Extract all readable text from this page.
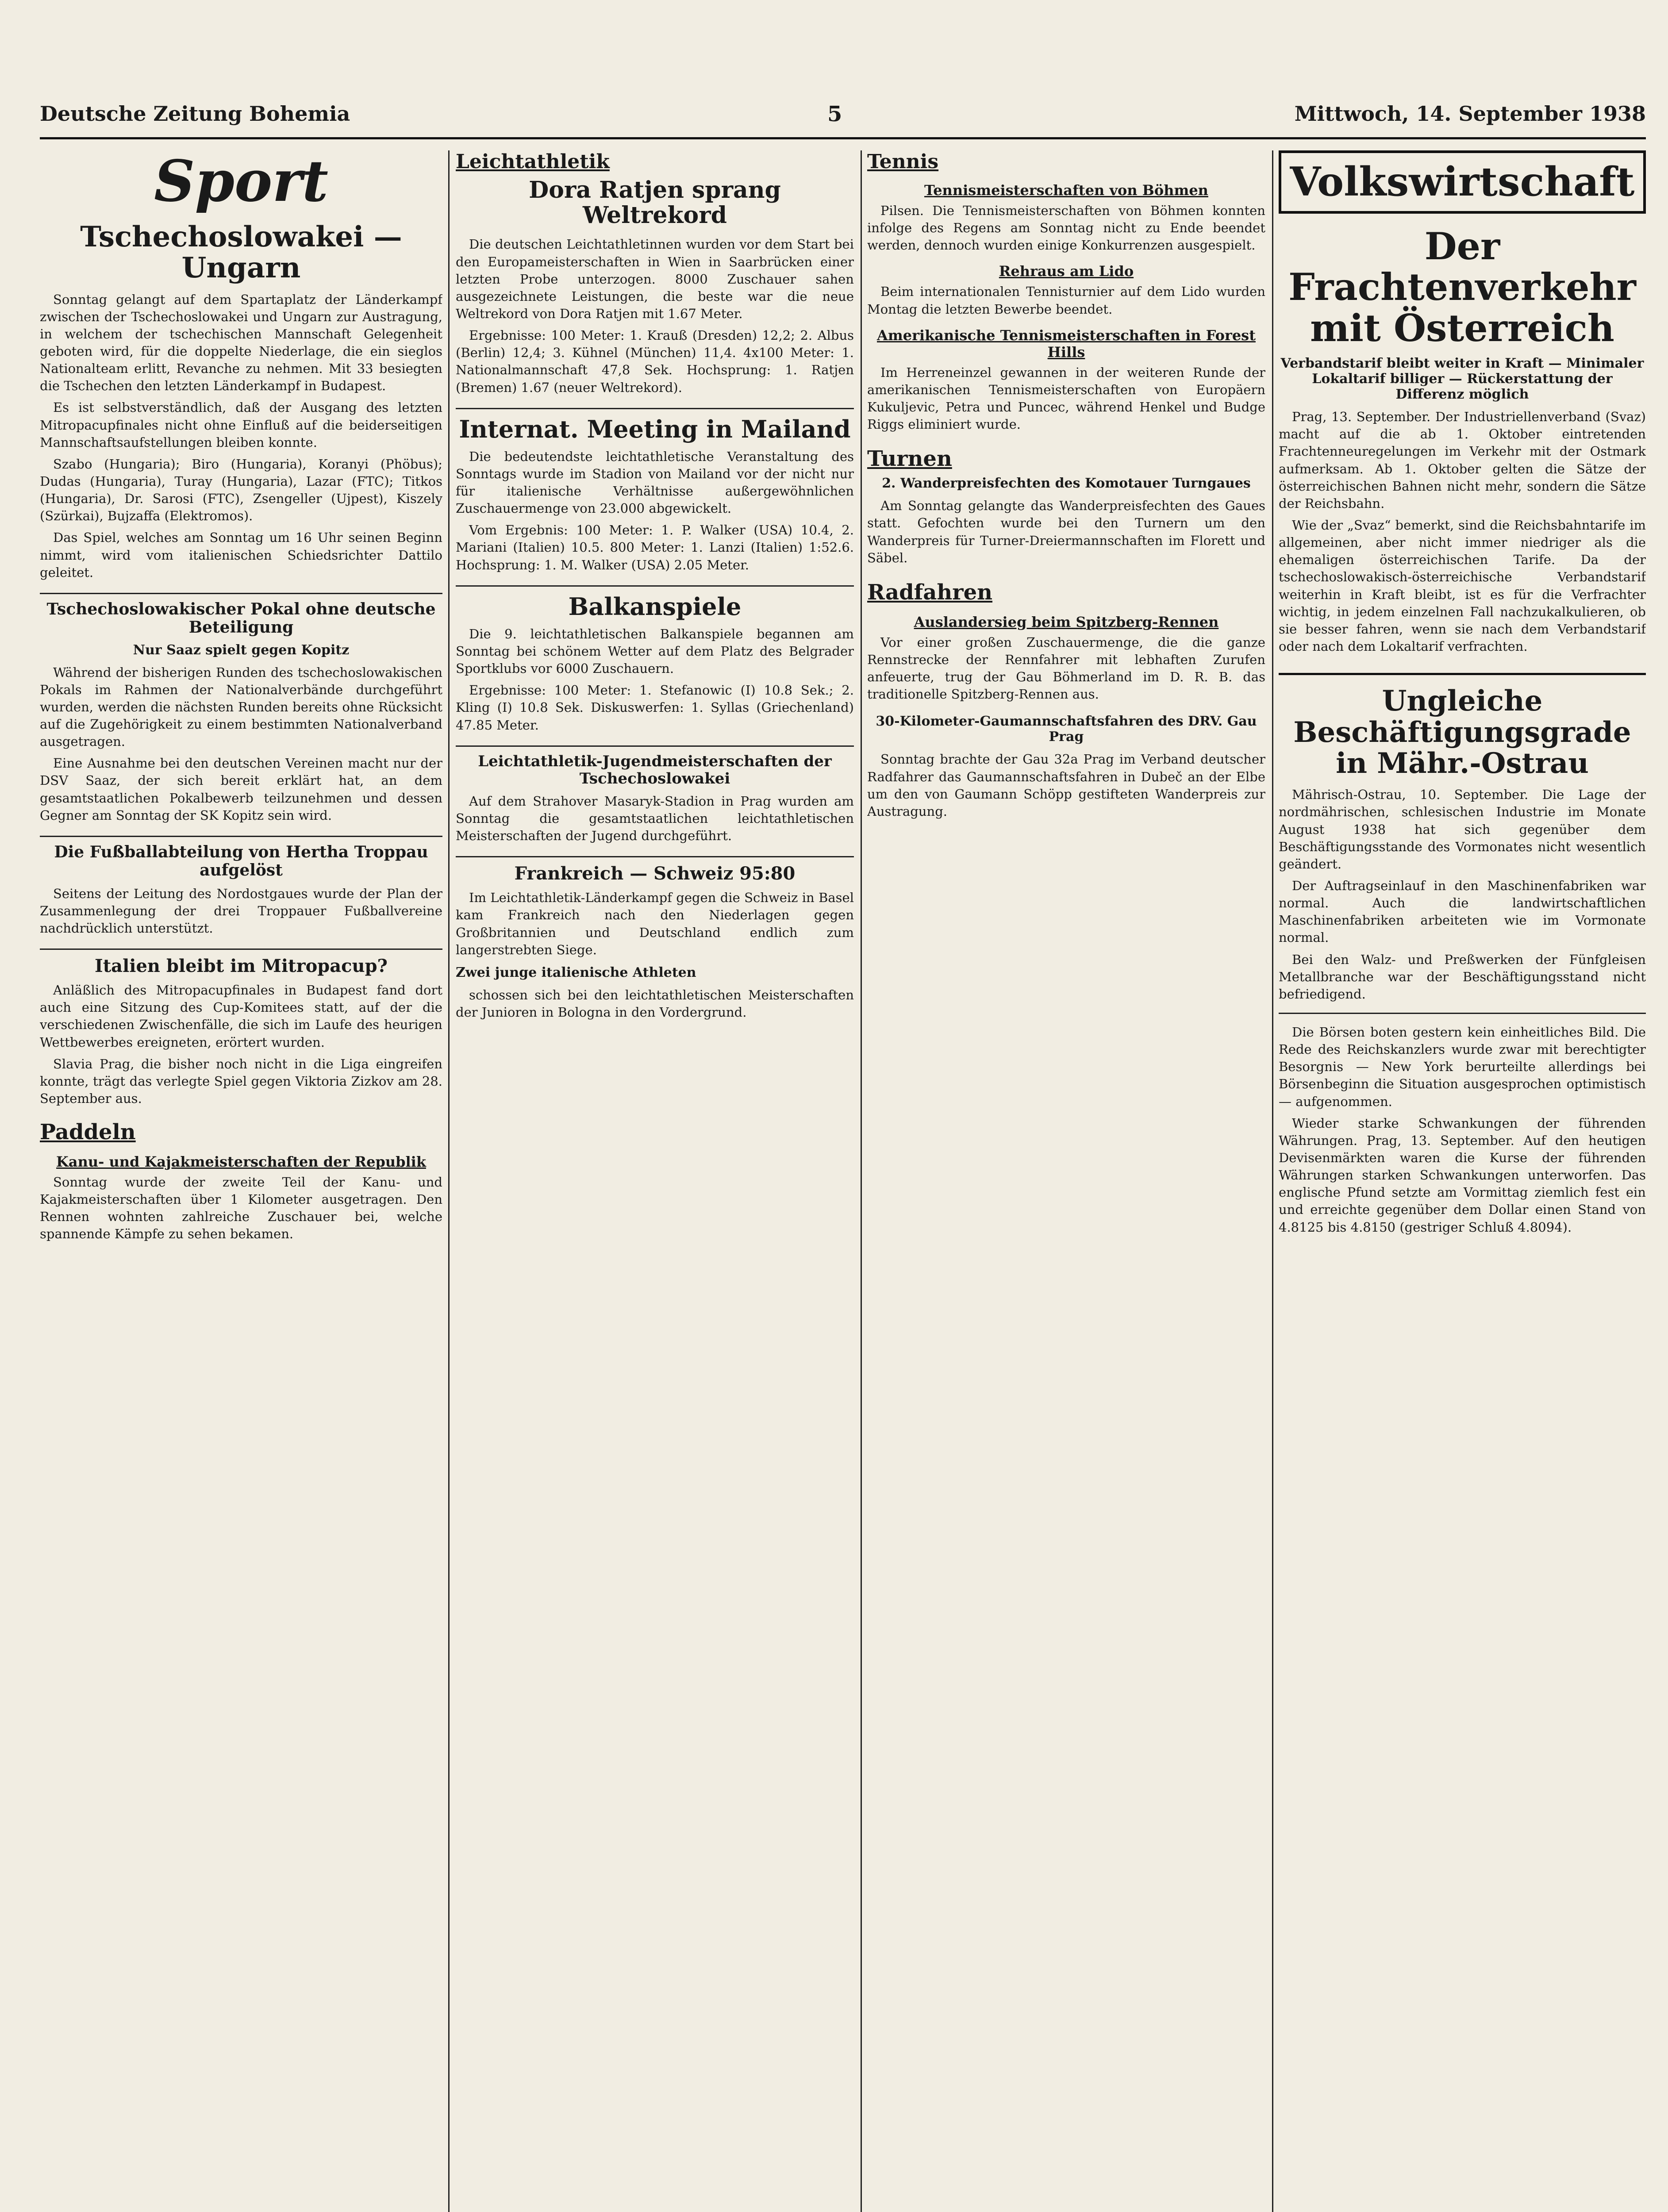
Deutsche Zeitung Bohemia	5	Mittwoch, 14. September 1938
Sport
Tschechoslowakei — Ungarn

Sonntag gelangt auf dem Spartaplatz der Länderkampf zwischen der Tschechoslowakei und Ungarn zur Austragung, in welchem der tschechischen Mannschaft Gelegenheit geboten wird, für die doppelte Niederlage, die ein sieglos Nationalteam erlitt, Revanche zu nehmen. Mit 33 besiegten die Tschechen den letzten Länderkampf in Budapest.

Es ist selbstverständlich, daß der Ausgang des letzten Mitropacupfinales nicht ohne Einfluß auf die beiderseitigen Mannschaftsaufstellungen bleiben konnte.

Szabo (Hungaria); Biro (Hungaria), Koranyi (Phöbus); Dudas (Hungaria), Turay (Hungaria), Lazar (FTC); Titkos (Hungaria), Dr. Sarosi (FTC), Zsengeller (Ujpest), Kiszely (Szürkai), Bujzaffa (Elektromos).

Das Spiel, welches am Sonntag um 16 Uhr seinen Beginn nimmt, wird vom italienischen Schiedsrichter Dattilo geleitet.

Tschechoslowakischer Pokal ohne deutsche Beteiligung
Nur Saaz spielt gegen Kopitz

Während der bisherigen Runden des tschechoslowakischen Pokals im Rahmen der Nationalverbände durchgeführt wurden, werden die nächsten Runden bereits ohne Rücksicht auf die Zugehörigkeit zu einem bestimmten Nationalverband ausgetragen.

Eine Ausnahme bei den deutschen Vereinen macht nur der DSV Saaz, der sich bereit erklärt hat, an dem gesamtstaatlichen Pokalbewerb teilzunehmen und dessen Gegner am Sonntag der SK Kopitz sein wird.

Die Fußballabteilung von Hertha Troppau aufgelöst

Seitens der Leitung des Nordostgaues wurde der Plan der Zusammenlegung der drei Troppauer Fußballvereine nachdrücklich unterstützt.

Italien bleibt im Mitropacup?

Anläßlich des Mitropacupfinales in Budapest fand dort auch eine Sitzung des Cup-Komitees statt, auf der die verschiedenen Zwischenfälle, die sich im Laufe des heurigen Wettbewerbes ereigneten, erörtert wurden.

Slavia Prag, die bisher noch nicht in die Liga eingreifen konnte, trägt das verlegte Spiel gegen Viktoria Zizkov am 28. September aus.

Paddeln
Kanu- und Kajakmeisterschaften der Republik

Sonntag wurde der zweite Teil der Kanu- und Kajakmeisterschaften über 1 Kilometer ausgetragen. Den Rennen wohnten zahlreiche Zuschauer bei, welche spannende Kämpfe zu sehen bekamen.

Leichtathletik
Dora Ratjen sprang Weltrekord

Die deutschen Leichtathletinnen wurden vor dem Start bei den Europameisterschaften in Wien in Saarbrücken einer letzten Probe unterzogen. 8000 Zuschauer sahen ausgezeichnete Leistungen, die beste war die neue Weltrekord von Dora Ratjen mit 1.67 Meter.

Ergebnisse: 100 Meter: 1. Krauß (Dresden) 12,2; 2. Albus (Berlin) 12,4; 3. Kühnel (München) 11,4. 4x100 Meter: 1. Nationalmannschaft 47,8 Sek. Hochsprung: 1. Ratjen (Bremen) 1.67 (neuer Weltrekord).

Internat. Meeting in Mailand

Die bedeutendste leichtathletische Veranstaltung des Sonntags wurde im Stadion von Mailand vor der nicht nur für italienische Verhältnisse außergewöhnlichen Zuschauermenge von 23.000 abgewickelt.

Vom Ergebnis: 100 Meter: 1. P. Walker (USA) 10.4, 2. Mariani (Italien) 10.5. 800 Meter: 1. Lanzi (Italien) 1:52.6. Hochsprung: 1. M. Walker (USA) 2.05 Meter.

Balkanspiele

Die 9. leichtathletischen Balkanspiele begannen am Sonntag bei schönem Wetter auf dem Platz des Belgrader Sportklubs vor 6000 Zuschauern.

Ergebnisse: 100 Meter: 1. Stefanowic (I) 10.8 Sek.; 2. Kling (I) 10.8 Sek. Diskuswerfen: 1. Syllas (Griechenland) 47.85 Meter.

Leichtathletik-Jugendmeisterschaften der Tschechoslowakei

Auf dem Strahover Masaryk-Stadion in Prag wurden am Sonntag die gesamtstaatlichen leichtathletischen Meisterschaften der Jugend durchgeführt.

Frankreich — Schweiz 95:80

Im Leichtathletik-Länderkampf gegen die Schweiz in Basel kam Frankreich nach den Niederlagen gegen Großbritannien und Deutschland endlich zum langerstrebten Siege.

Zwei junge italienische Athleten

schossen sich bei den leichtathletischen Meisterschaften der Junioren in Bologna in den Vordergrund.

Tennis
Tennismeisterschaften von Böhmen

Pilsen. Die Tennismeisterschaften von Böhmen konnten infolge des Regens am Sonntag nicht zu Ende beendet werden, dennoch wurden einige Konkurrenzen ausgespielt.

Rehraus am Lido

Beim internationalen Tennisturnier auf dem Lido wurden Montag die letzten Bewerbe beendet.

Amerikanische Tennismeisterschaften in Forest Hills

Im Herreneinzel gewannen in der weiteren Runde der amerikanischen Tennismeisterschaften von Europäern Kukuljevic, Petra und Puncec, während Henkel und Budge Riggs eliminiert wurde.

Turnen
2. Wanderpreisfechten des Komotauer Turngaues

Am Sonntag gelangte das Wanderpreisfechten des Gaues statt. Gefochten wurde bei den Turnern um den Wanderpreis für Turner-Dreiermannschaften im Florett und Säbel.

Radfahren
Auslandersieg beim Spitzberg-Rennen

Vor einer großen Zuschauermenge, die die ganze Rennstrecke der Rennfahrer mit lebhaften Zurufen anfeuerte, trug der Gau Böhmerland im D. R. B. das traditionelle Spitzberg-Rennen aus.

30-Kilometer-Gaumannschaftsfahren des DRV. Gau Prag

Sonntag brachte der Gau 32a Prag im Verband deutscher Radfahrer das Gaumannschaftsfahren in Dubeč an der Elbe um den von Gaumann Schöpp gestifteten Wanderpreis zur Austragung.

Volkswirtschaft
Der Frachtenverkehr mit Österreich
Verbandstarif bleibt weiter in Kraft — Minimaler Lokaltarif billiger — Rückerstattung der Differenz möglich

Prag, 13. September. Der Industriellenverband (Svaz) macht auf die ab 1. Oktober eintretenden Frachtenneuregelungen im Verkehr mit der Ostmark aufmerksam. Ab 1. Oktober gelten die Sätze der österreichischen Bahnen nicht mehr, sondern die Sätze der Reichsbahn.

Wie der „Svaz“ bemerkt, sind die Reichsbahntarife im allgemeinen, aber nicht immer niedriger als die ehemaligen österreichischen Tarife. Da der tschechoslowakisch-österreichische Verbandstarif weiterhin in Kraft bleibt, ist es für die Verfrachter wichtig, in jedem einzelnen Fall nachzukalkulieren, ob sie besser fahren, wenn sie nach dem Verbandstarif oder nach dem Lokaltarif verfrachten.

Ungleiche Beschäftigungsgrade in Mähr.-Ostrau

Mährisch-Ostrau, 10. September. Die Lage der nordmährischen, schlesischen Industrie im Monate August 1938 hat sich gegenüber dem Beschäftigungsstande des Vormonates nicht wesentlich geändert.

Der Auftragseinlauf in den Maschinenfabriken war normal. Auch die landwirtschaftlichen Maschinenfabriken arbeiteten wie im Vormonate normal.

Bei den Walz- und Preßwerken der Fünfgleisen Metallbranche war der Beschäftigungsstand nicht befriedigend.

Die Börsen boten gestern kein einheitliches Bild. Die Rede des Reichskanzlers wurde zwar mit berechtigter Besorgnis — New York berurteilte allerdings bei Börsenbeginn die Situation ausgesprochen optimistisch — aufgenommen.

Wieder starke Schwankungen der führenden Währungen. Prag, 13. September. Auf den heutigen Devisenmärkten waren die Kurse der führenden Währungen starken Schwankungen unterworfen. Das englische Pfund setzte am Vormittag ziemlich fest ein und erreichte gegenüber dem Dollar einen Stand von 4.8125 bis 4.8150 (gestriger Schluß 4.8094).
